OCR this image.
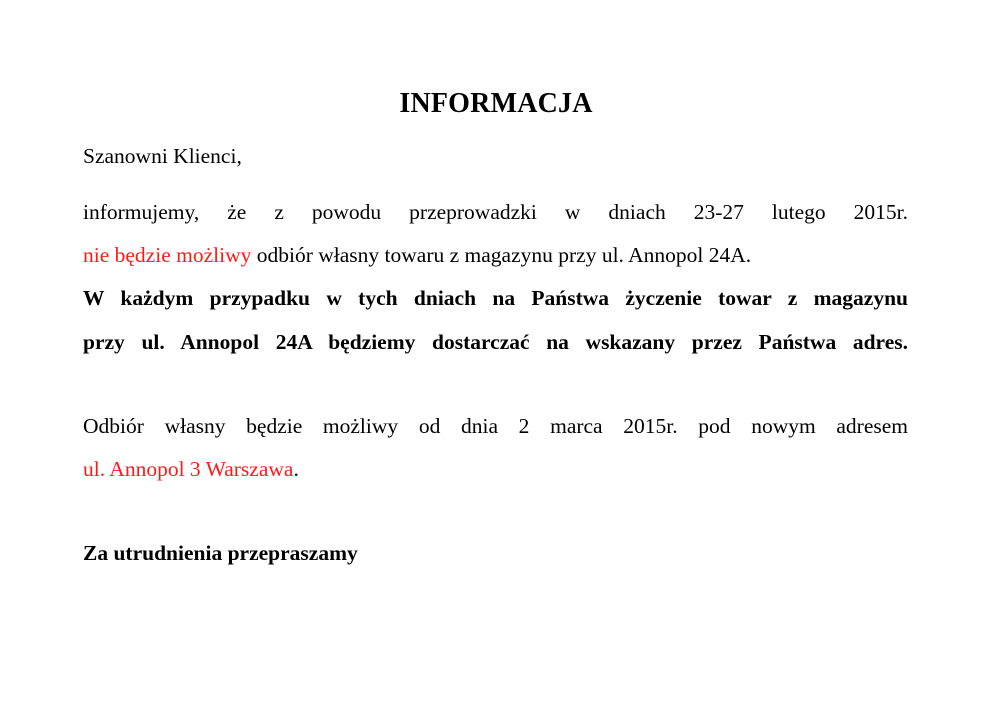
INFORMACJA
Szanowni Klienci,
informujemy, że z powodu przeprowadzki w dniach 23-27 lutego 2015r.
nie będzie możliwy odbiór własny towaru z magazynu przy ul. Annopol 24A.
W każdym przypadku w tych dniach na Państwa życzenie towar z magazynu
przy ul. Annopol 24A będziemy dostarczać na wskazany przez Państwa adres.
Odbiór własny będzie możliwy od dnia 2 marca 2015r. pod nowym adresem
ul. Annopol 3 Warszawa.
Za utrudnienia przepraszamy
